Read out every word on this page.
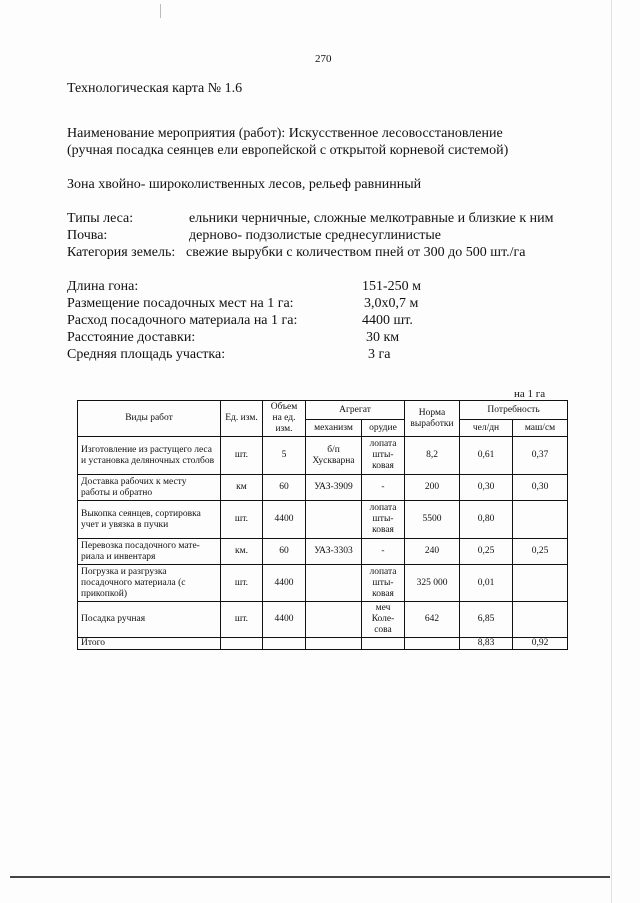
270
Технологическая карта № 1.6
Наименование мероприятия (работ): Искусственное лесовосстановление
(ручная посадка сеянцев ели европейской с открытой корневой системой)
Зона хвойно- широколиственных лесов, рельеф равнинный
Типы леса:	ельники черничные, сложные мелкотравные и близкие к ним
Почва:	дерново- подзолистые среднесуглинистые
Категория земель: свежие вырубки с количеством пней от 300 до 500 шт./га
Длина гона:	151-250 м
Размещение посадочных мест на 1 га:	3,0х0,7 м
Расход посадочного материала на 1 га:	4400 шт.
Расстояние доставки:	30 км
Средняя площадь участка:	3 га
на 1 га
Виды работ	Ед. изм.	Объем на ед. изм.	Агрегат		Норма выработки	Потребность	
			механизм	орудие		чел/дн	маш/см
Изготовление из растущего леса и установка деляночных столбов	шт.	5	б/п Хускварна	лопата шты-ковая	8,2	0,61	0,37
Доставка рабочих к месту работы и обратно	км	60	УАЗ-3909	-	200	0,30	0,30
Выкопка сеянцев, сортировка учет и увязка в пучки	шт.	4400		лопата шты-ковая	5500	0,80	
Перевозка посадочного мате-риала и инвентаря	км.	60	УАЗ-3303	-	240	0,25	0,25
Погрузка и разгрузка посадочного материала (с прикопкой)	шт.	4400		лопата шты-ковая	325 000	0,01	
Посадка ручная	шт.	4400		меч Коле-сова	642	6,85	
Итого						8,83	0,92
